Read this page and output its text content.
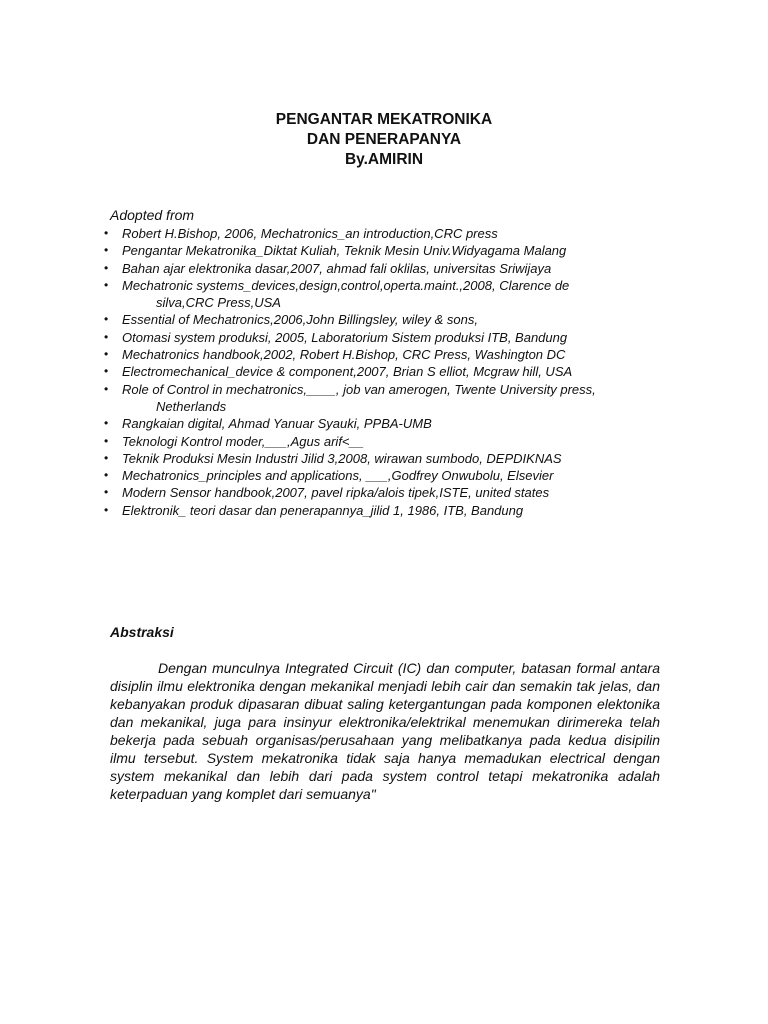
PENGANTAR MEKATRONIKA
DAN PENERAPANYA
By.AMIRIN
Adopted from
• Robert H.Bishop, 2006, Mechatronics_an introduction,CRC press
• Pengantar Mekatronika_Diktat Kuliah, Teknik Mesin Univ.Widyagama Malang
• Bahan ajar elektronika dasar,2007, ahmad fali oklilas, universitas Sriwijaya
• Mechatronic systems_devices,design,control,operta.maint.,2008, Clarence de
silva,CRC Press,USA
• Essential of Mechatronics,2006,John Billingsley, wiley & sons,
• Otomasi system produksi, 2005, Laboratorium Sistem produksi ITB, Bandung
• Mechatronics handbook,2002, Robert H.Bishop, CRC Press, Washington DC
• Electromechanical_device & component,2007, Brian S elliot, Mcgraw hill, USA
• Role of Control in mechatronics,____, job van amerogen, Twente University press,
Netherlands
• Rangkaian digital, Ahmad Yanuar Syauki, PPBA-UMB
• Teknologi Kontrol moder,___,Agus arif<__
• Teknik Produksi Mesin Industri Jilid 3,2008, wirawan sumbodo, DEPDIKNAS
• Mechatronics_principles and applications, ___,Godfrey Onwubolu, Elsevier
• Modern Sensor handbook,2007, pavel ripka/alois tipek,ISTE, united states
• Elektronik_ teori dasar dan penerapannya_jilid 1, 1986, ITB, Bandung
Abstraksi

Dengan munculnya Integrated Circuit (IC) dan computer, batasan formal antara disiplin ilmu elektronika dengan mekanikal menjadi lebih cair dan semakin tak jelas, dan kebanyakan produk dipasaran dibuat saling ketergantungan pada komponen elektonika dan mekanikal, juga para insinyur elektronika/elektrikal menemukan dirimereka telah bekerja pada sebuah organisas/perusahaan yang melibatkanya pada kedua disipilin ilmu tersebut. System mekatronika tidak saja hanya memadukan electrical dengan system mekanikal dan lebih dari pada system control tetapi mekatronika adalah keterpaduan yang komplet dari semuanya"
